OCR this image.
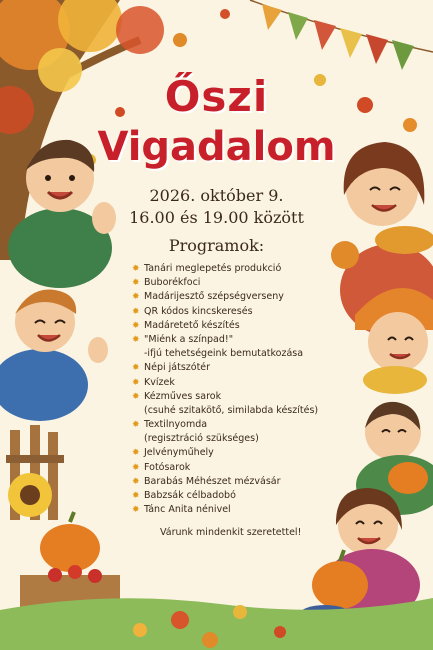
Őszi
Vigadalom
2026. október 9.
16.00 és 19.00 között
Programok:
✸ Tanári meglepetés produkció
✸ Buborékfoci
✸ Madárijesztő szépségverseny
✸ QR kódos kincskeresés
✸ Madáretető készítés
✸ "Miénk a színpad!"
-ifjú tehetségeink bemutatkozása
✸ Népi játszótér
✸ Kvízek
✸ Kézműves sarok
(csuhé szitakötő, similabda készítés)
✸ Textilnyomda
(regisztráció szükséges)
✸ Jelvényműhely
✸ Fotósarok
✸ Barabás Méhészet mézvásár
✸ Babzsák célbadobó
✸ Tánc Anita nénivel
Várunk mindenkit szeretettel!
